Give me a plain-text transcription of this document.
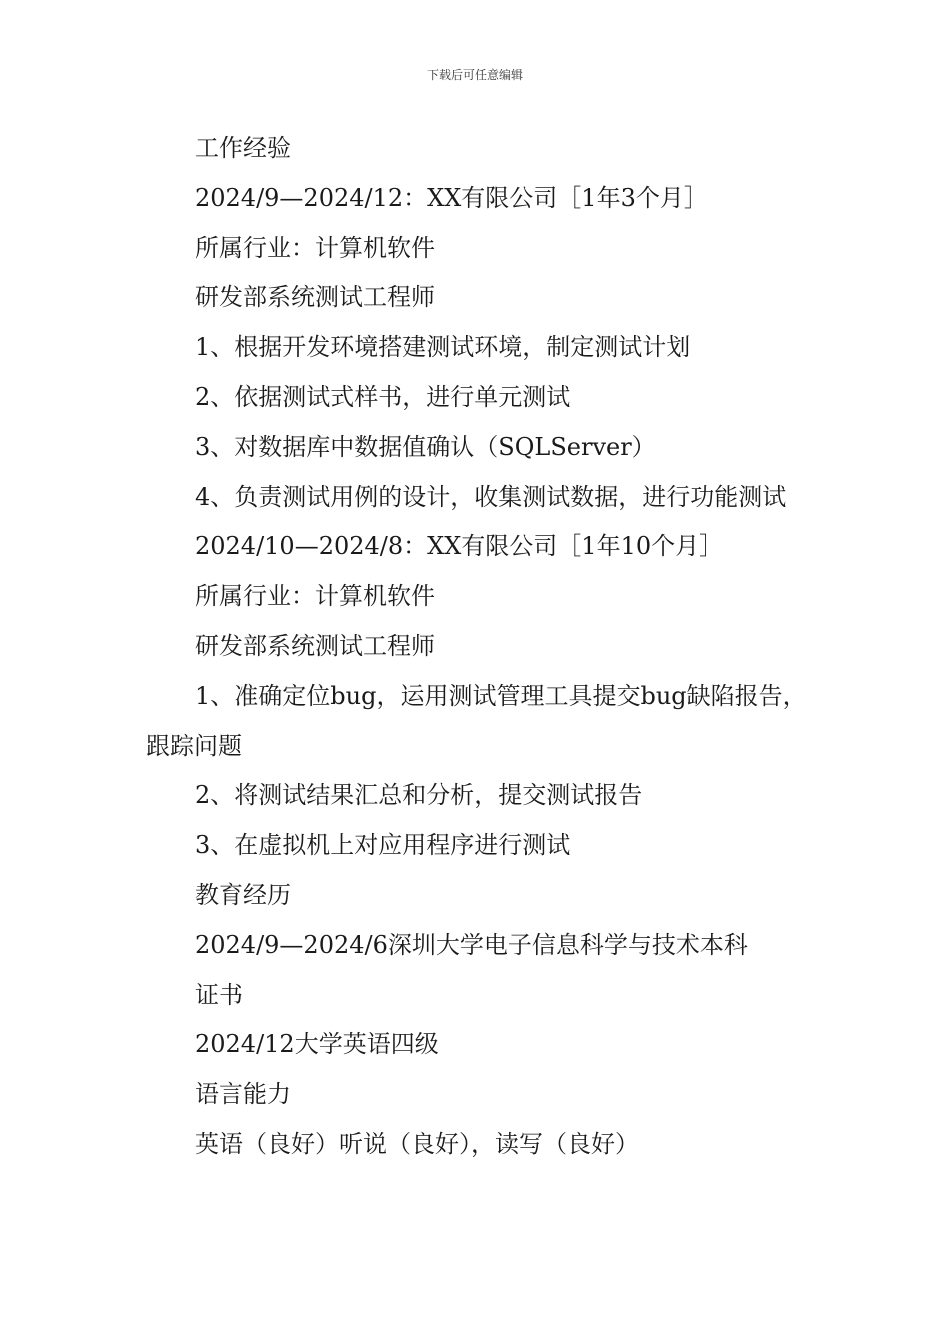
下载后可任意编辑

工作经验

2024/9—2024/12：XX有限公司［1年3个月］

所属行业：计算机软件

研发部系统测试工程师

1、根据开发环境搭建测试环境，制定测试计划

2、依据测试式样书，进行单元测试

3、对数据库中数据值确认（SQLServer）

4、负责测试用例的设计，收集测试数据，进行功能测试

2024/10—2024/8：XX有限公司［1年10个月］

所属行业：计算机软件

研发部系统测试工程师

1、准确定位bug，运用测试管理工具提交bug缺陷报告，跟踪问题

2、将测试结果汇总和分析，提交测试报告

3、在虚拟机上对应用程序进行测试

教育经历

2024/9—2024/6深圳大学电子信息科学与技术本科

证书

2024/12大学英语四级

语言能力

英语（良好）听说（良好），读写（良好）
